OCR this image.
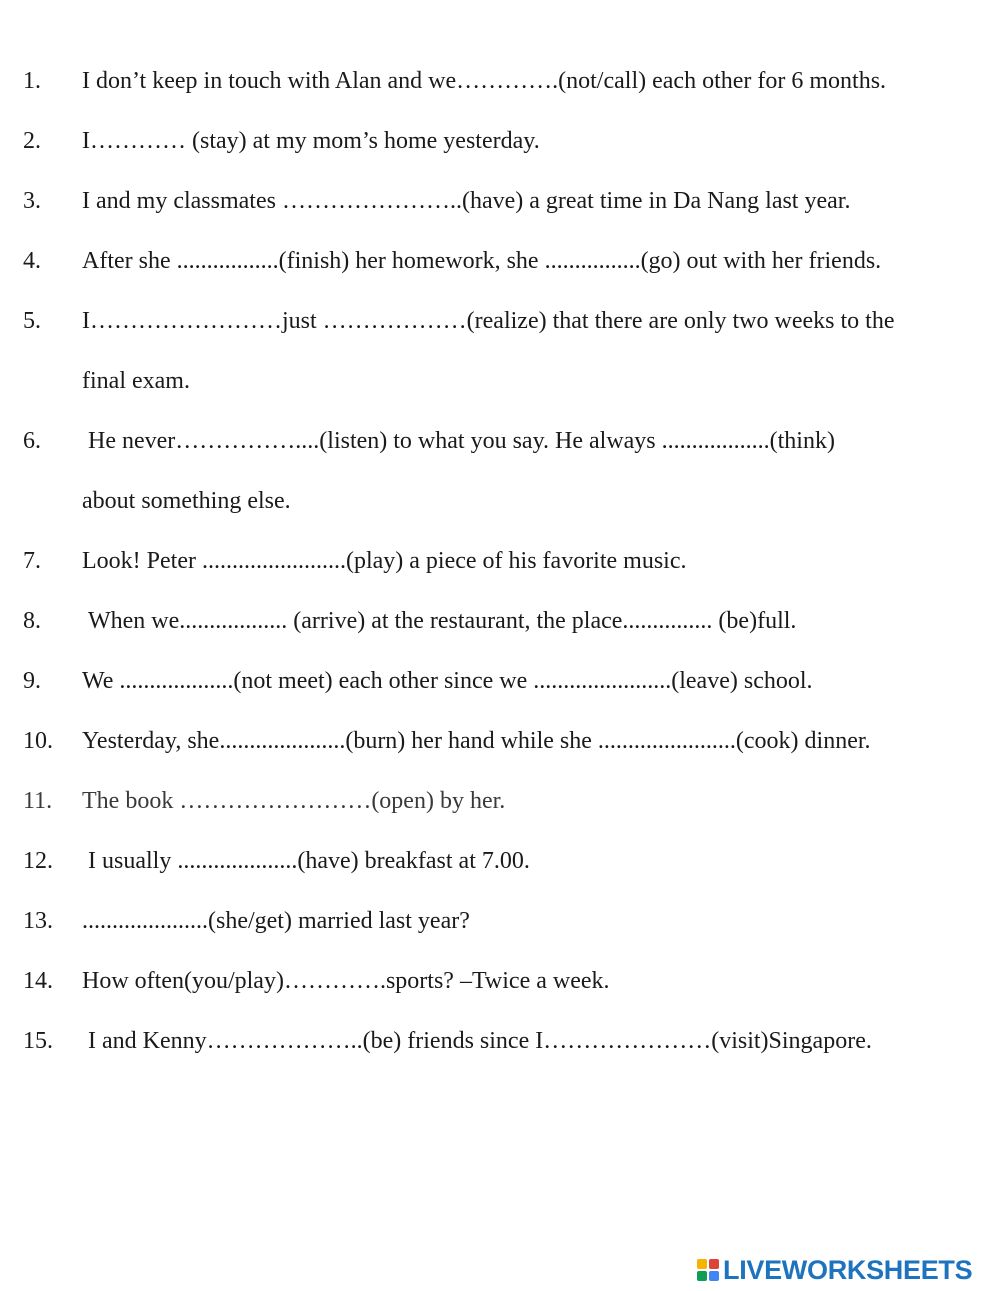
1. I don’t keep in touch with Alan and we………….(not/call) each other for 6 months.
2. I………… (stay) at my mom’s home yesterday.
3. I and my classmates …………………..(have) a great time in Da Nang last year.
4. After she .................(finish) her homework, she ................(go) out with her friends.
5. I……………………just ………………(realize) that there are only two weeks to the
final exam.
6. He never……………....(listen) to what you say. He always ..................(think)
about something else.
7. Look! Peter ........................(play) a piece of his favorite music.
8. When we.................. (arrive) at the restaurant, the place............... (be)full.
9. We ...................(not meet) each other since we .......................(leave) school.
10. Yesterday, she.....................(burn) her hand while she .......................(cook) dinner.
11. The book ……………………(open) by her.
12. I usually ....................(have) breakfast at 7.00.
13. .....................(she/get) married last year?
14. How often(you/play)………….sports? –Twice a week.
15. I and Kenny………………..(be) friends since I…………………(visit)Singapore.
LIVEWORKSHEETS
